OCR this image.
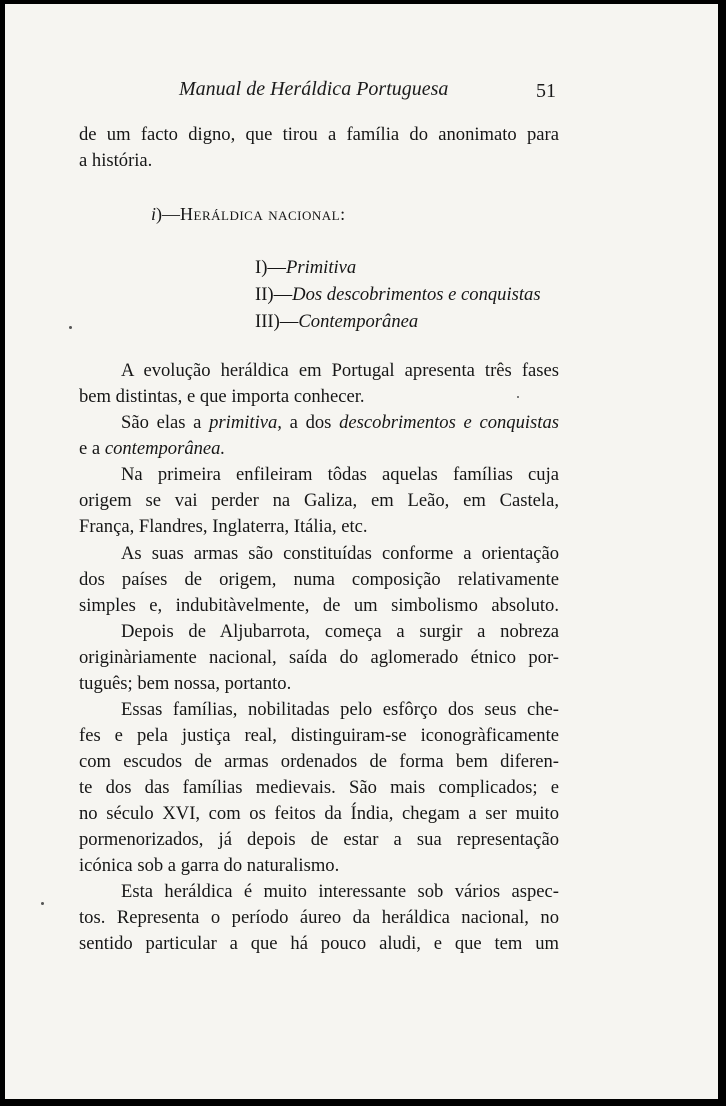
Manual de Heráldica Portuguesa	51
de um facto digno, que tirou a família do anonimato para
a história.
i)—Heráldica nacional:
I)—Primitiva
II)—Dos descobrimentos e conquistas
III)—Contemporânea
A evolução heráldica em Portugal apresenta três fases
bem distintas, e que importa conhecer.
São elas a primitiva, a dos descobrimentos e conquistas
e a contemporânea.
Na primeira enfileiram tôdas aquelas famílias cuja
origem se vai perder na Galiza, em Leão, em Castela,
França, Flandres, Inglaterra, Itália, etc.
As suas armas são constituídas conforme a orientação
dos países de origem, numa composição relativamente
simples e, indubitàvelmente, de um simbolismo absoluto.
Depois de Aljubarrota, começa a surgir a nobreza
originàriamente nacional, saída do aglomerado étnico por-
tuguês; bem nossa, portanto.
Essas famílias, nobilitadas pelo esfôrço dos seus che-
fes e pela justiça real, distinguiram-se iconogràficamente
com escudos de armas ordenados de forma bem diferen-
te dos das famílias medievais. São mais complicados; e
no século XVI, com os feitos da Índia, chegam a ser muito
pormenorizados, já depois de estar a sua representação
icónica sob a garra do naturalismo.
Esta heráldica é muito interessante sob vários aspec-
tos. Representa o período áureo da heráldica nacional, no
sentido particular a que há pouco aludi, e que tem um
